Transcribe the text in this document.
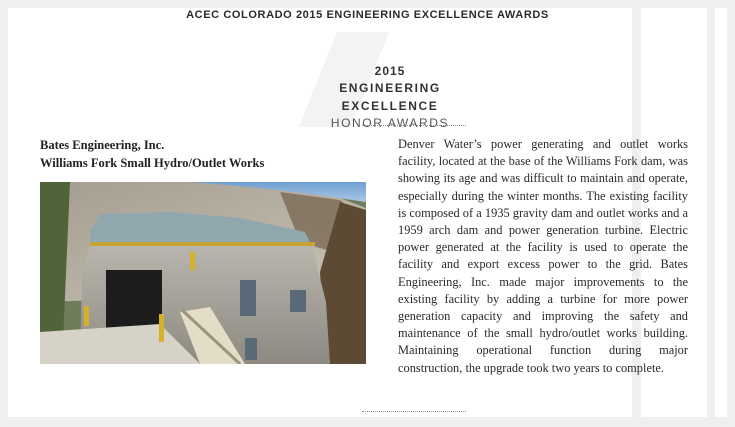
ACEC COLORADO 2015 ENGINEERING EXCELLENCE AWARDS
2015
ENGINEERING EXCELLENCE
HONOR AWARDS
Bates Engineering, Inc.
Williams Fork Small Hydro/Outlet Works
Denver Water’s power generating and outlet works facility, located at the base of the Williams Fork dam, was showing its age and was difficult to maintain and operate, especially during the winter months. The existing facility is composed of a 1935 gravity dam and outlet works and a 1959 arch dam and power generation turbine. Electric power generated at the facility is used to operate the facility and export excess power to the grid. Bates Engineering, Inc. made major improvements to the existing facility by adding a turbine for more power generation capacity and improving the safety and maintenance of the small hydro/outlet works building. Maintaining operational function during major construction, the upgrade took two years to complete.
